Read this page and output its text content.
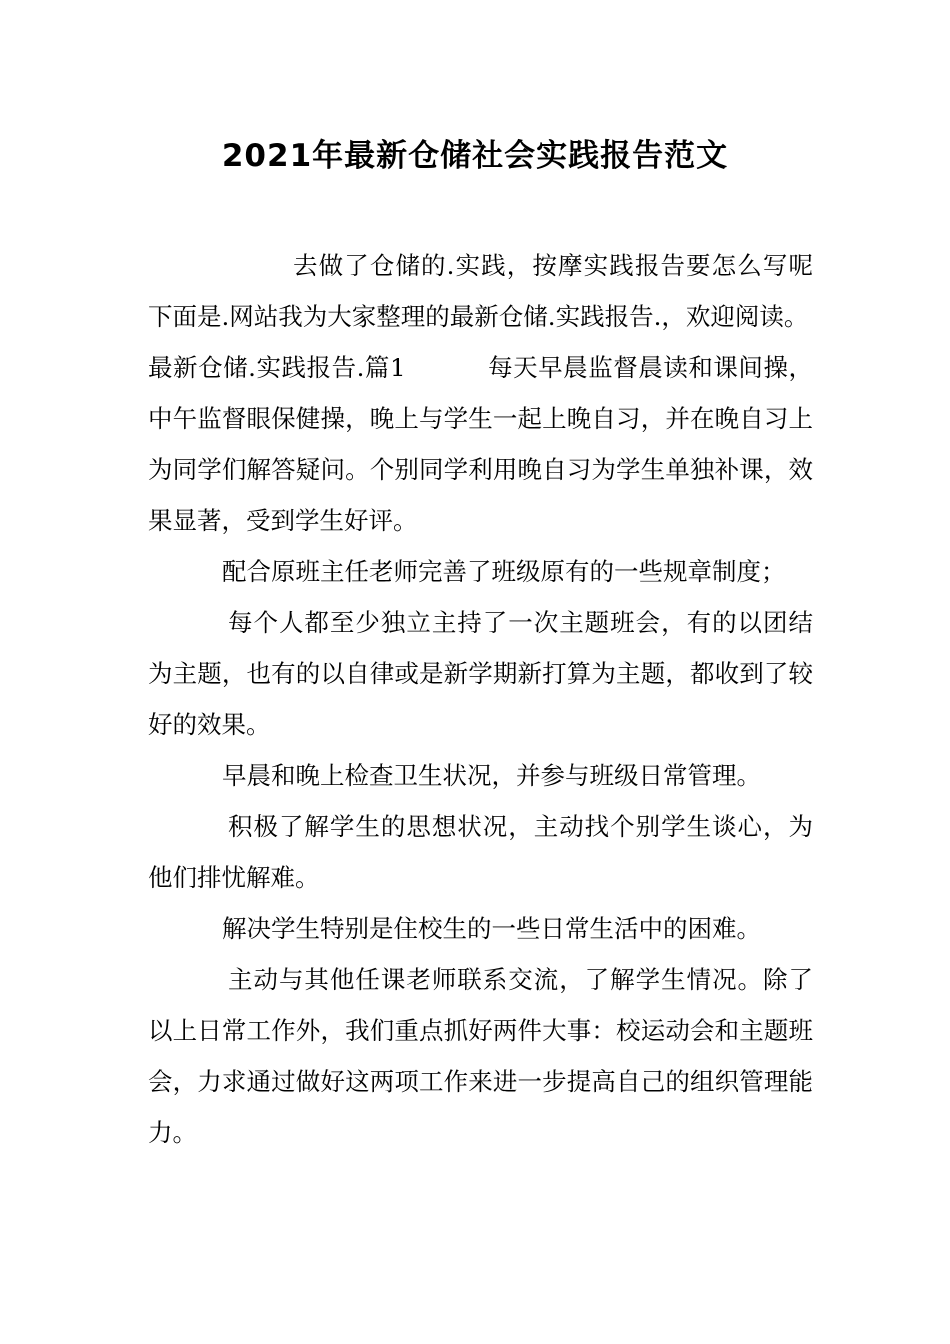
2021年最新仓储社会实践报告范文

去做了仓储的.实践，按摩实践报告要怎么写呢下面是.网站我为大家整理的最新仓储.实践报告.，欢迎阅读。

最新仓储.实践报告.篇1	每天早晨监督晨读和课间操，中午监督眼保健操，晚上与学生一起上晚自习，并在晚自习上为同学们解答疑问。个别同学利用晚自习为学生单独补课，效果显著，受到学生好评。

配合原班主任老师完善了班级原有的一些规章制度；

每个人都至少独立主持了一次主题班会，有的以团结为主题，也有的以自律或是新学期新打算为主题，都收到了较好的效果。

早晨和晚上检查卫生状况，并参与班级日常管理。

积极了解学生的思想状况，主动找个别学生谈心，为他们排忧解难。

解决学生特别是住校生的一些日常生活中的困难。

主动与其他任课老师联系交流，了解学生情况。除了以上日常工作外，我们重点抓好两件大事：校运动会和主题班会，力求通过做好这两项工作来进一步提高自己的组织管理能力。
